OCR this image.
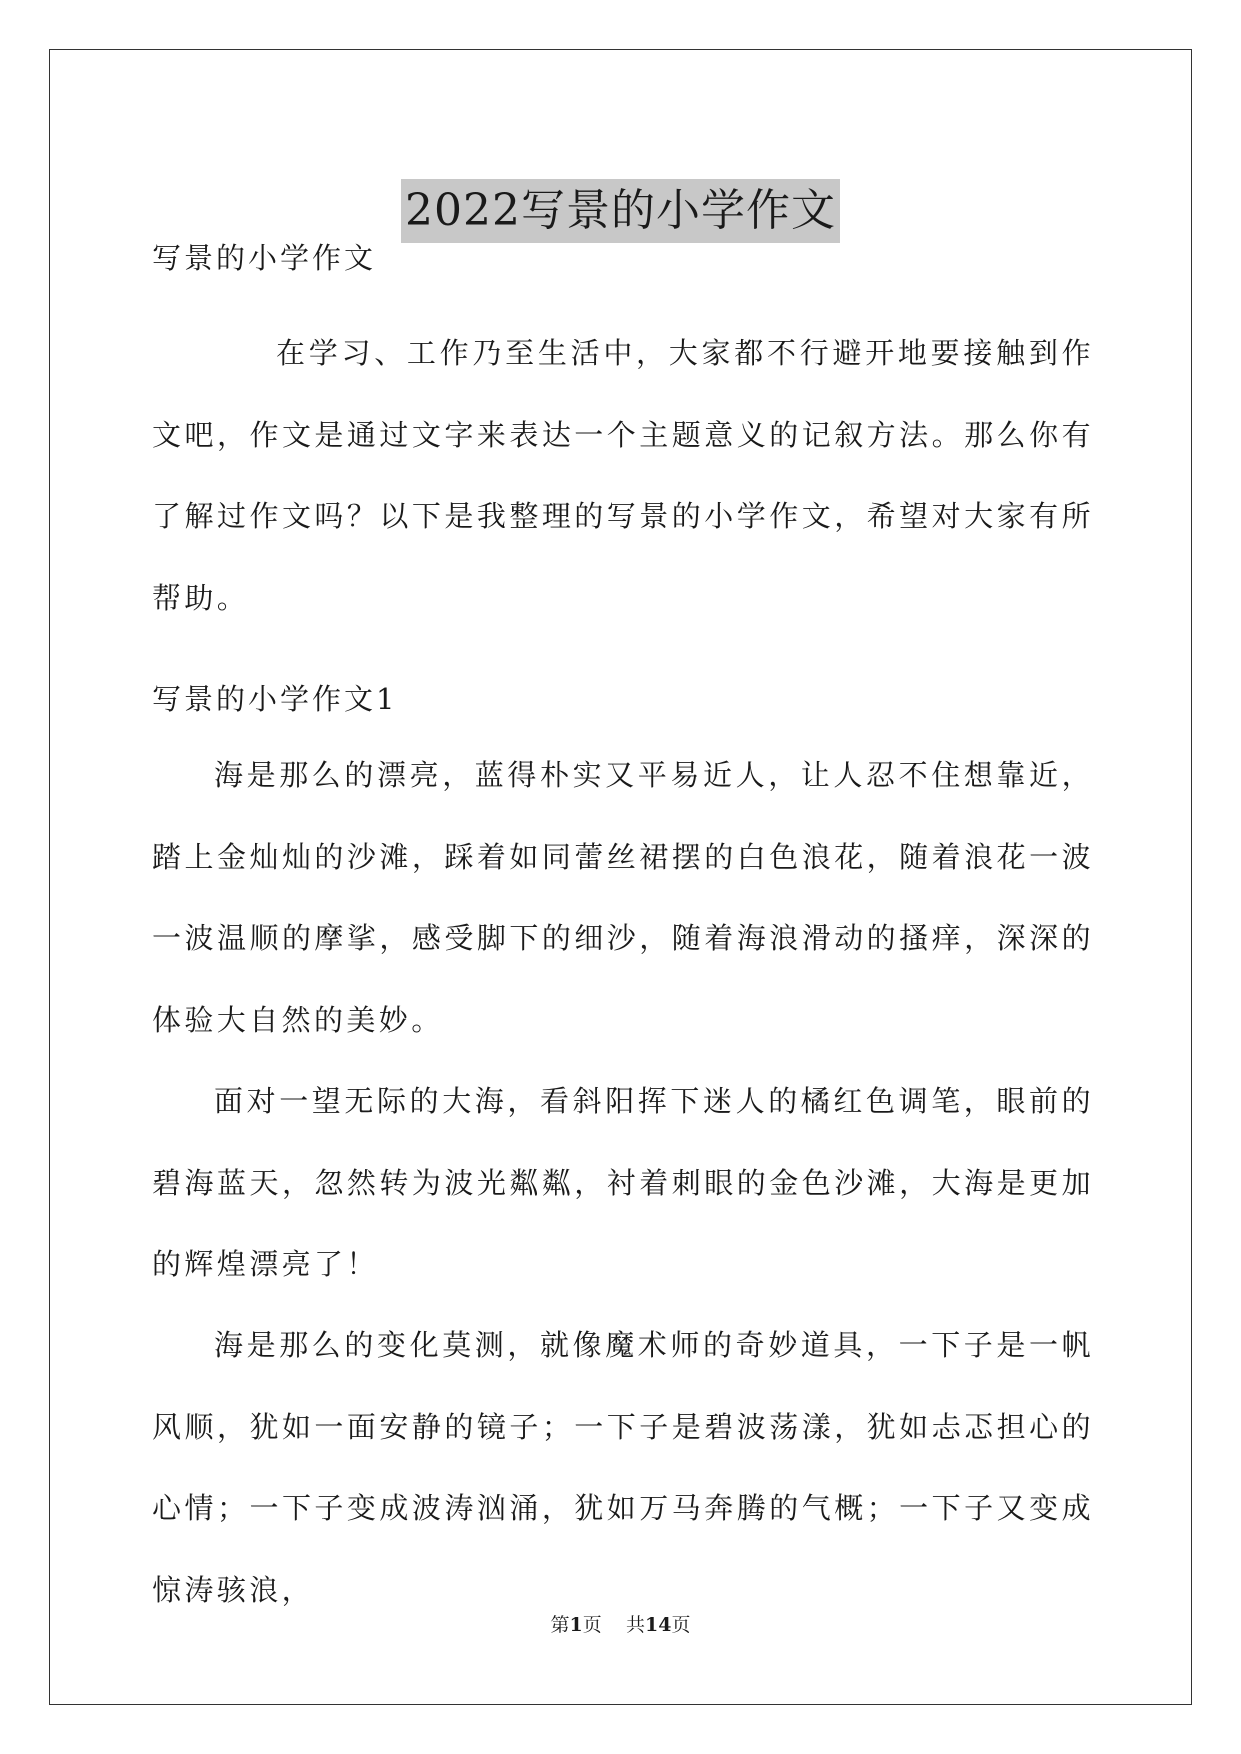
2022写景的小学作文
写景的小学作文

在学习、工作乃至生活中，大家都不行避开地要接触到作文吧，作文是通过文字来表达一个主题意义的记叙方法。那么你有了解过作文吗？以下是我整理的写景的小学作文，希望对大家有所帮助。

写景的小学作文1

海是那么的漂亮，蓝得朴实又平易近人，让人忍不住想靠近，踏上金灿灿的沙滩，踩着如同蕾丝裙摆的白色浪花，随着浪花一波一波温顺的摩挲，感受脚下的细沙，随着海浪滑动的搔痒，深深的体验大自然的美妙。

面对一望无际的大海，看斜阳挥下迷人的橘红色调笔，眼前的碧海蓝天，忽然转为波光粼粼，衬着刺眼的金色沙滩，大海是更加的辉煌漂亮了！

海是那么的变化莫测，就像魔术师的奇妙道具，一下子是一帆风顺，犹如一面安静的镜子；一下子是碧波荡漾，犹如忐忑担心的心情；一下子变成波涛汹涌，犹如万马奔腾的气概；一下子又变成惊涛骇浪，

第1页 共14页
